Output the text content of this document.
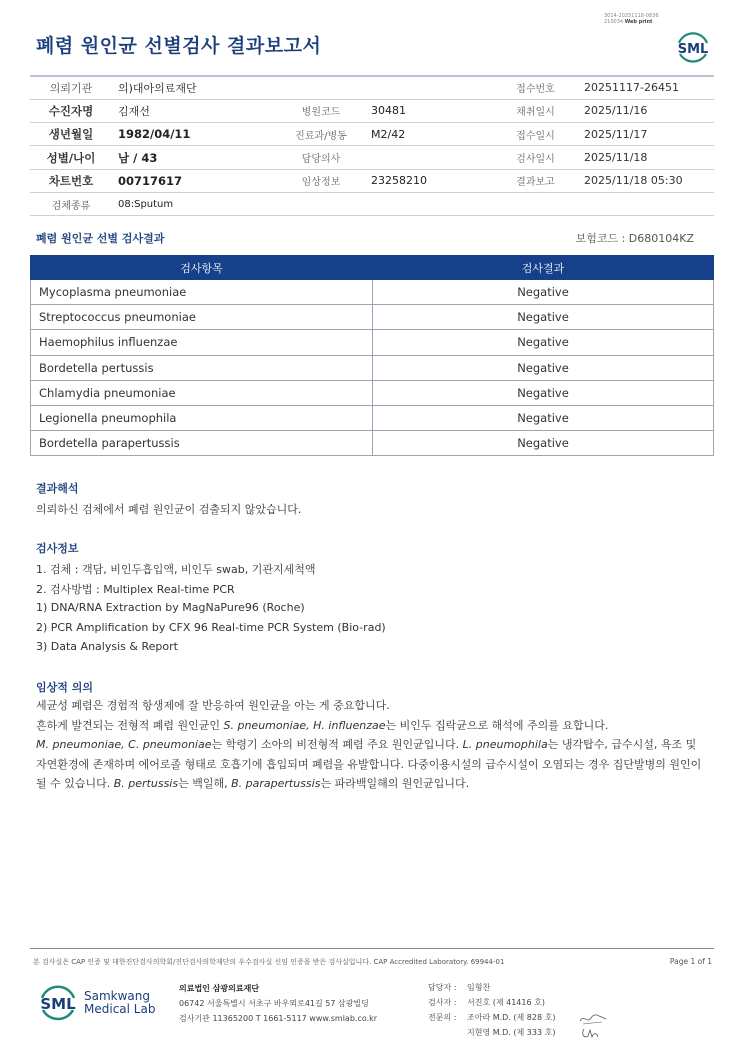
3014-20251118-0836
210034 Web print
폐렴 원인균 선별검사 결과보고서	SML
의뢰기관	의)대아의료재단			접수번호	20251117-26451
수진자명	김재선	병원코드	30481	채취일시	2025/11/16
생년월일	1982/04/11	진료과/병동	M2/42	접수일시	2025/11/17
성별/나이	남 / 43	담당의사		검사일시	2025/11/18
차트번호	00717617	임상정보	23258210	결과보고	2025/11/18 05:30
검체종류	08:Sputum				
폐렴 원인균 선별 검사결과	보험코드 : D680104KZ
검사항목	검사결과
Mycoplasma pneumoniae	Negative
Streptococcus pneumoniae	Negative
Haemophilus influenzae	Negative
Bordetella pertussis	Negative
Chlamydia pneumoniae	Negative
Legionella pneumophila	Negative
Bordetella parapertussis	Negative
결과해석
의뢰하신 검체에서 폐렴 원인균이 검출되지 않았습니다.
검사정보
1. 검체 : 객담, 비인두흡입액, 비인두 swab, 기관지세척액
2. 검사방법 : Multiplex Real-time PCR
1) DNA/RNA Extraction by MagNaPure96 (Roche)
2) PCR Amplification by CFX 96 Real-time PCR System (Bio-rad)
3) Data Analysis & Report
임상적 의의
세균성 폐렴은 경험적 항생제에 잘 반응하여 원인균을 아는 게 중요합니다.
흔하게 발견되는 전형적 폐렴 원인균인 S. pneumoniae, H. influenzae는 비인두 집락균으로 해석에 주의를 요합니다.
M. pneumoniae, C. pneumoniae는 학령기 소아의 비전형적 폐렴 주요 원인균입니다. L. pneumophila는 냉각탑수, 급수시설, 욕조 및
자연환경에 존재하며 에어로졸 형태로 호흡기에 흡입되며 폐렴을 유발합니다. 다중이용시설의 급수시설이 오염되는 경우 집단발병의 원인이
될 수 있습니다. B. pertussis는 백일해, B. parapertussis는 파라백일해의 원인균입니다.
본 검사실은 CAP 인증 및 대한진단검사의학회/진단검사의학재단의 우수검사실 신임 인증을 받은 검사실입니다. CAP Accredited Laboratory. 69944-01	Page 1 of 1
SML Samkwang
Medical Lab
의료법인 삼광의료재단
06742 서울특별시 서초구 바우뫼로41길 57 삼광빌딩
검사기관 11365200 T 1661-5117 www.smlab.co.kr
담당자 : 임형찬
검사자 : 서진호 (제 41416 호)
전문의 : 조아라 M.D. (제 828 호)
지현영 M.D. (제 333 호)
